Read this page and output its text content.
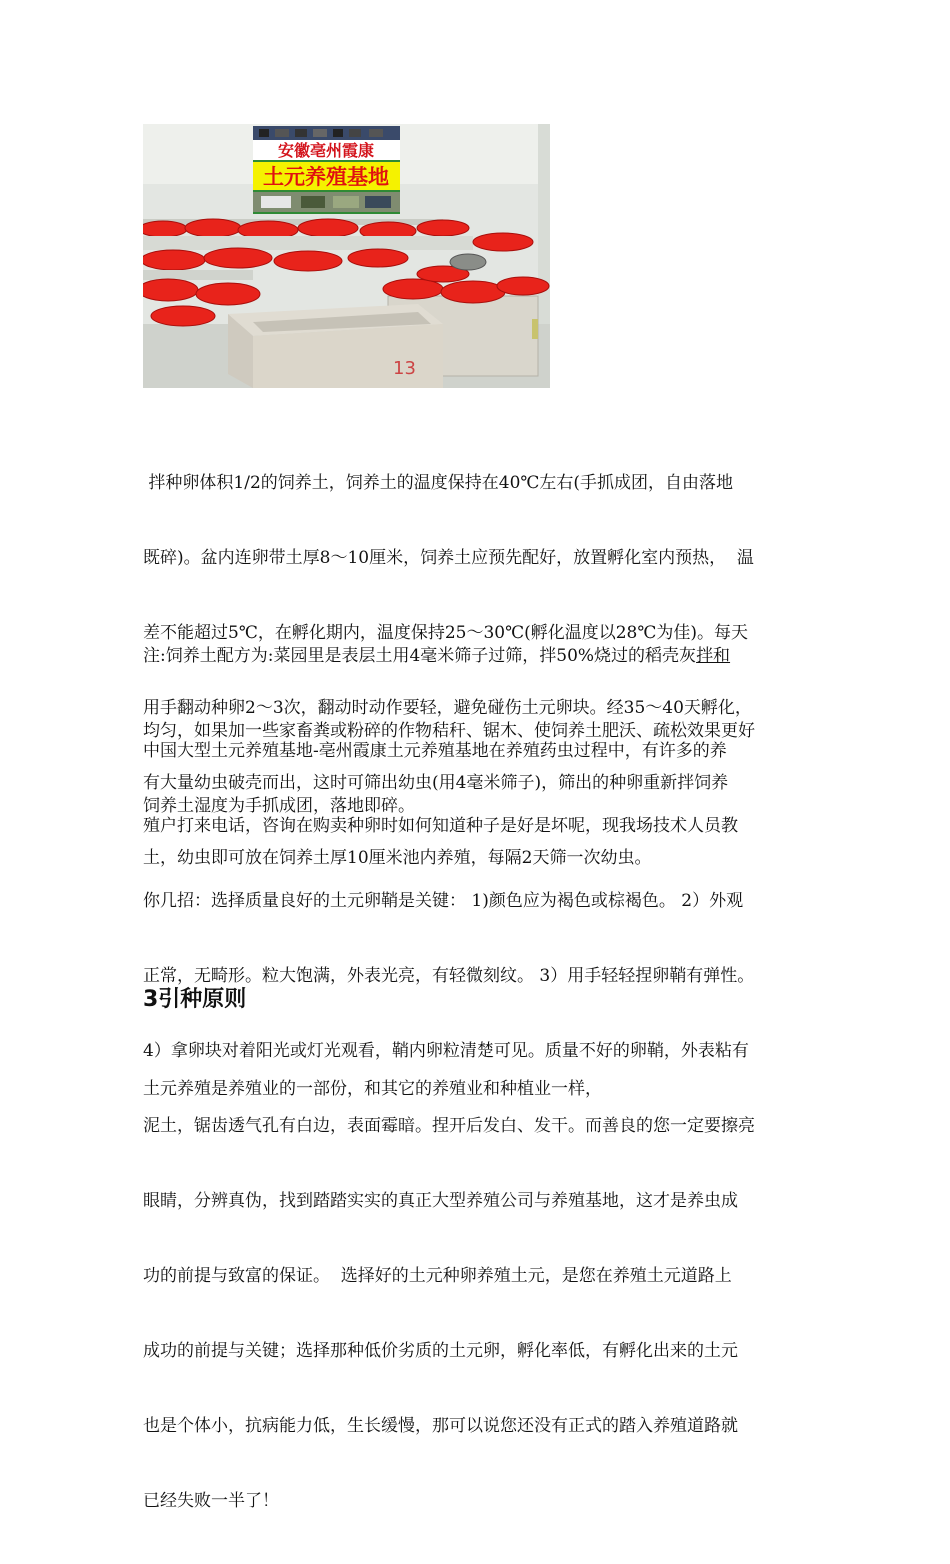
安徽亳州霞康
土元养殖基地
13

拌种卵体积1/2的饲养土，饲养土的温度保持在40℃左右(手抓成团，自由落地

既碎)。盆内连卵带土厚8～10厘米，饲养土应预先配好，放置孵化室内预热，  温

差不能超过5℃，在孵化期内，温度保持25～30℃(孵化温度以28℃为佳)。每天

用手翻动种卵2～3次，翻动时动作要轻，避免碰伤土元卵块。经35～40天孵化，

有大量幼虫破壳而出，这时可筛出幼虫(用4毫米筛子)，筛出的种卵重新拌饲养

土，幼虫即可放在饲养土厚10厘米池内养殖，每隔2天筛一次幼虫。

注:饲养土配方为:菜园里是表层土用4毫米筛子过筛，拌50%烧过的稻壳灰拌和

均匀，如果加一些家畜粪或粉碎的作物秸秆、锯木、使饲养土肥沃、疏松效果更好

饲养土湿度为手抓成团，落地即碎。

中国大型土元养殖基地-亳州霞康土元养殖基地在养殖药虫过程中，有许多的养

殖户打来电话，咨询在购卖种卵时如何知道种子是好是坏呢，现我场技术人员教

你几招：选择质量良好的土元卵鞘是关键： 1)颜色应为褐色或棕褐色。 2）外观

正常，无畸形。粒大饱满，外表光亮，有轻微刻纹。 3）用手轻轻捏卵鞘有弹性。

4）拿卵块对着阳光或灯光观看，鞘内卵粒清楚可见。质量不好的卵鞘，外表粘有

泥土，锯齿透气孔有白边，表面霉暗。捏开后发白、发干。而善良的您一定要擦亮

眼睛，分辨真伪，找到踏踏实实的真正大型养殖公司与养殖基地，这才是养虫成

功的前提与致富的保证。  选择好的土元种卵养殖土元，是您在养殖土元道路上

成功的前提与关键；选择那种低价劣质的土元卵，孵化率低，有孵化出来的土元

也是个体小，抗病能力低，生长缓慢，那可以说您还没有正式的踏入养殖道路就

已经失败一半了！

3引种原则

土元养殖是养殖业的一部份，和其它的养殖业和种植业一样，
